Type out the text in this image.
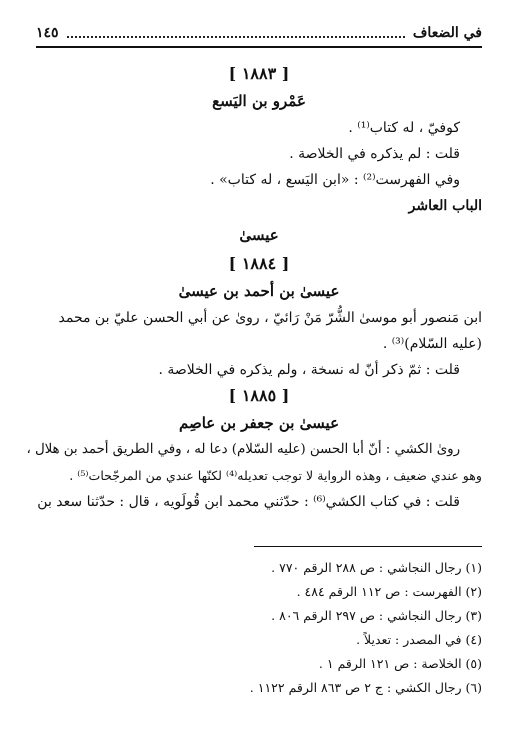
في الضعاف
١٤٥
[ ١٨٨٣ ]
عَمْرو بن اليَسع
كوفيّ ، له كتاب⁽¹⁾ .
قلت : لم يذكره في الخلاصة .
وفي الفهرست⁽²⁾ : «ابن اليَسع ، له كتاب» .
الباب العاشر
عيسىٰ
[ ١٨٨٤ ]
عيسىٰ بن أحمد بن عيسىٰ
ابن مَنصور أبو موسىٰ الشُّرّ مَنْ رَائيّ ، روىٰ عن أبي الحسن عليّ بن محمد
(عليه السّلام)⁽³⁾ .
قلت : ثمّ ذكر أنّ له نسخة ، ولم يذكره في الخلاصة .
[ ١٨٨٥ ]
عيسىٰ بن جعفر بن عاصِم
روىٰ الكشي : أنّ أبا الحسن (عليه السّلام) دعا له ، وفي الطريق أحمد بن هلال ،
وهو عندي ضعيف ، وهذه الرواية لا توجب تعديله⁽⁴⁾ لكنّها عندي من المرجّحات⁽⁵⁾ .
قلت : في كتاب الكشي⁽⁶⁾ : حدّثني محمد ابن قُولَويه ، قال : حدّثنا سعد بن
(١) رجال النجاشي : ص ٢٨٨ الرقم ٧٧٠ .
(٢) الفهرست : ص ١١٢ الرقم ٤٨٤ .
(٣) رجال النجاشي : ص ٢٩٧ الرقم ٨٠٦ .
(٤) في المصدر : تعديلاً .
(٥) الخلاصة : ص ١٢١ الرقم ١ .
(٦) رجال الكشي : ج ٢ ص ٨٦٣ الرقم ١١٢٢ .
